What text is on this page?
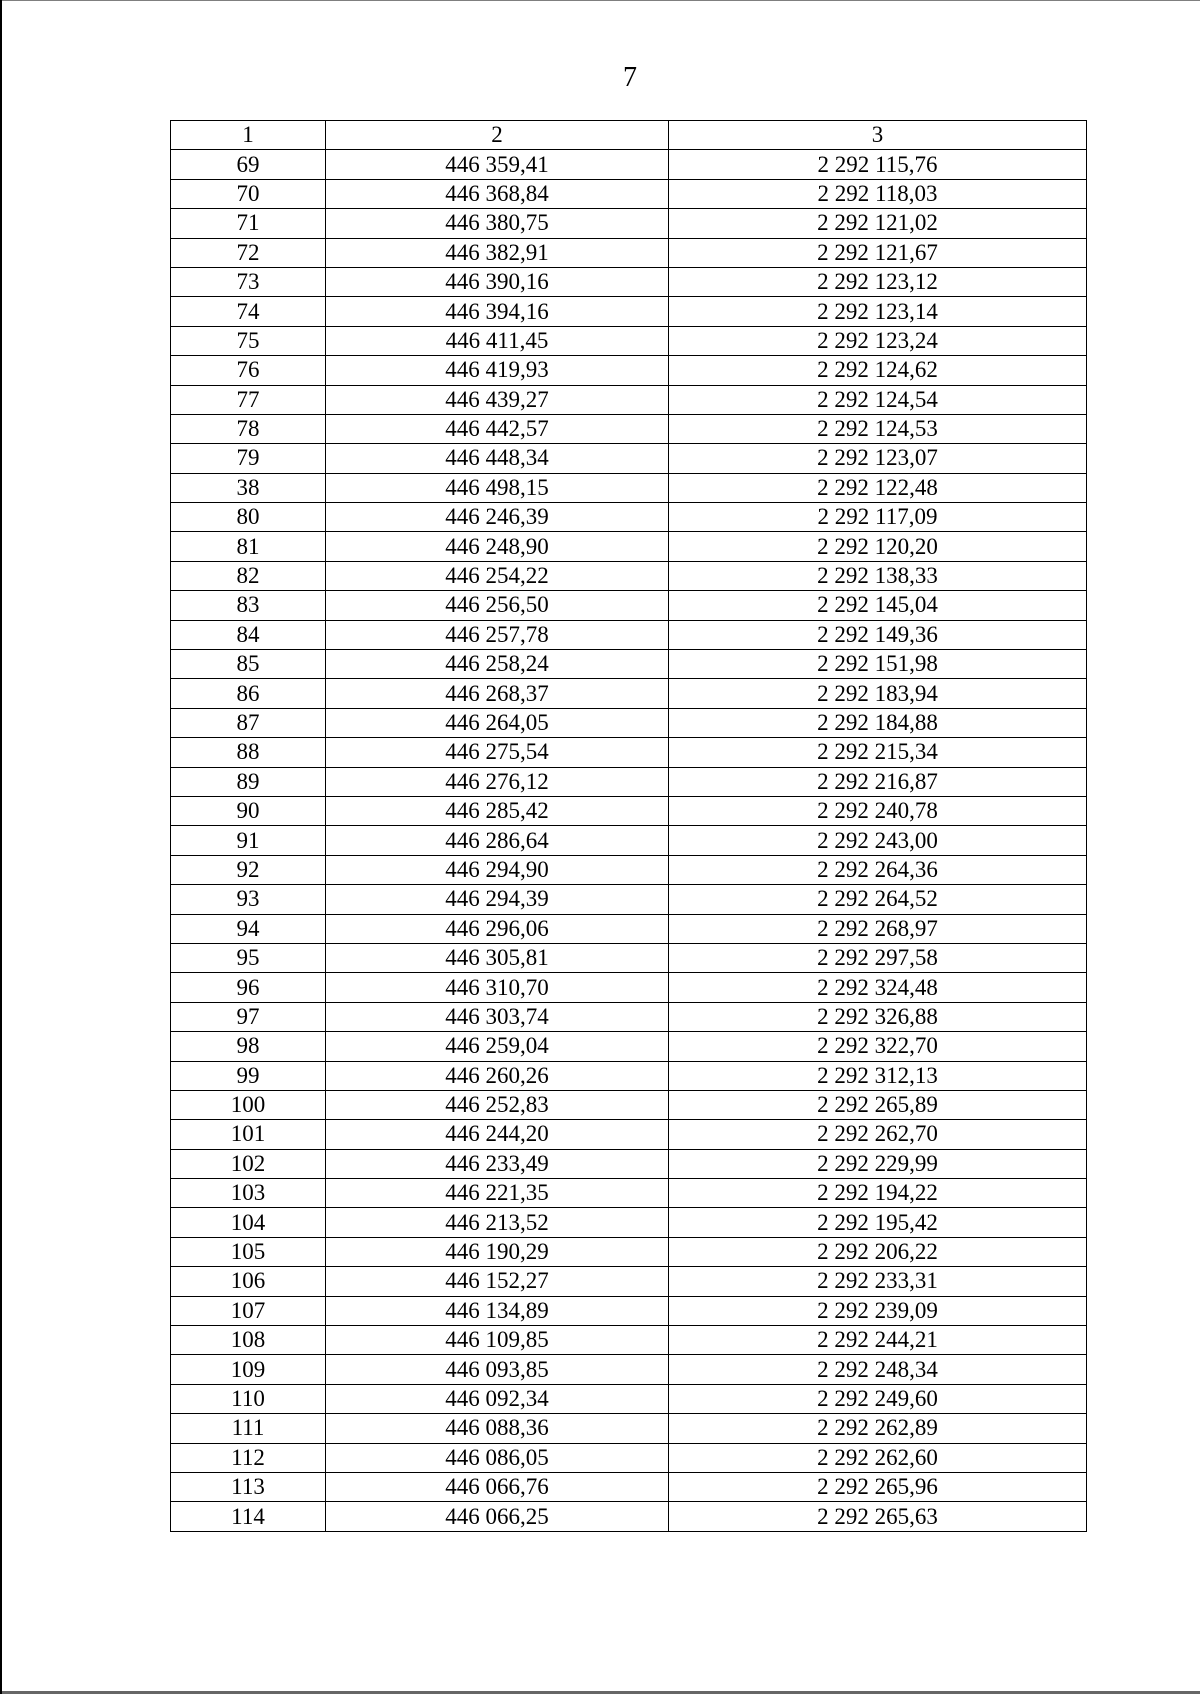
7
1	2	3
69	446 359,41	2 292 115,76
70	446 368,84	2 292 118,03
71	446 380,75	2 292 121,02
72	446 382,91	2 292 121,67
73	446 390,16	2 292 123,12
74	446 394,16	2 292 123,14
75	446 411,45	2 292 123,24
76	446 419,93	2 292 124,62
77	446 439,27	2 292 124,54
78	446 442,57	2 292 124,53
79	446 448,34	2 292 123,07
38	446 498,15	2 292 122,48
80	446 246,39	2 292 117,09
81	446 248,90	2 292 120,20
82	446 254,22	2 292 138,33
83	446 256,50	2 292 145,04
84	446 257,78	2 292 149,36
85	446 258,24	2 292 151,98
86	446 268,37	2 292 183,94
87	446 264,05	2 292 184,88
88	446 275,54	2 292 215,34
89	446 276,12	2 292 216,87
90	446 285,42	2 292 240,78
91	446 286,64	2 292 243,00
92	446 294,90	2 292 264,36
93	446 294,39	2 292 264,52
94	446 296,06	2 292 268,97
95	446 305,81	2 292 297,58
96	446 310,70	2 292 324,48
97	446 303,74	2 292 326,88
98	446 259,04	2 292 322,70
99	446 260,26	2 292 312,13
100	446 252,83	2 292 265,89
101	446 244,20	2 292 262,70
102	446 233,49	2 292 229,99
103	446 221,35	2 292 194,22
104	446 213,52	2 292 195,42
105	446 190,29	2 292 206,22
106	446 152,27	2 292 233,31
107	446 134,89	2 292 239,09
108	446 109,85	2 292 244,21
109	446 093,85	2 292 248,34
110	446 092,34	2 292 249,60
111	446 088,36	2 292 262,89
112	446 086,05	2 292 262,60
113	446 066,76	2 292 265,96
114	446 066,25	2 292 265,63
